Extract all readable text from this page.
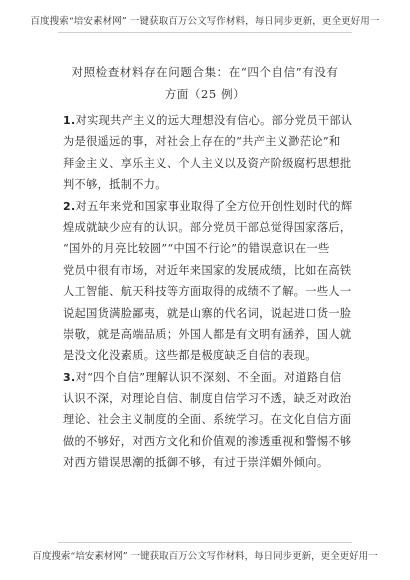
百度搜索“培安素材网” 一键获取百万公文写作材料，每日同步更新，更全更好用一
对照检查材料存在问题合集：在“四个自信”有没有
方面（25 例）
1.对实现共产主义的远大理想没有信心。部分党员干部认
为是很遥远的事，对社会上存在的“共产主义渺茫论”和
拜金主义、享乐主义、个人主义以及资产阶级腐朽思想批
判不够，抵制不力。
2.对五年来党和国家事业取得了全方位开创性划时代的辉
煌成就缺少应有的认识。部分党员干部总觉得国家落后，
“国外的月亮比较圆”“中国不行论”的错误意识在一些
党员中很有市场，对近年来国家的发展成绩，比如在高铁
人工智能、航天科技等方面取得的成绩不了解。一些人一
说起国货满脸鄙夷，就是山寨的代名词，说起进口货一脸
崇敬，就是高端品质；外国人都是有文明有涵养，国人就
是没文化没素质。这些都是极度缺乏自信的表现。
3.对“四个自信”理解认识不深刻、不全面。对道路自信
认识不深，对理论自信、制度自信学习不透，缺乏对政治
理论、社会主义制度的全面、系统学习。在文化自信方面
做的不够好，对西方文化和价值观的渗透重视和警惕不够
对西方错误思潮的抵御不够，有过于崇洋媚外倾向。
百度搜索“培安素材网” 一键获取百万公文写作材料，每日同步更新，更全更好用一
